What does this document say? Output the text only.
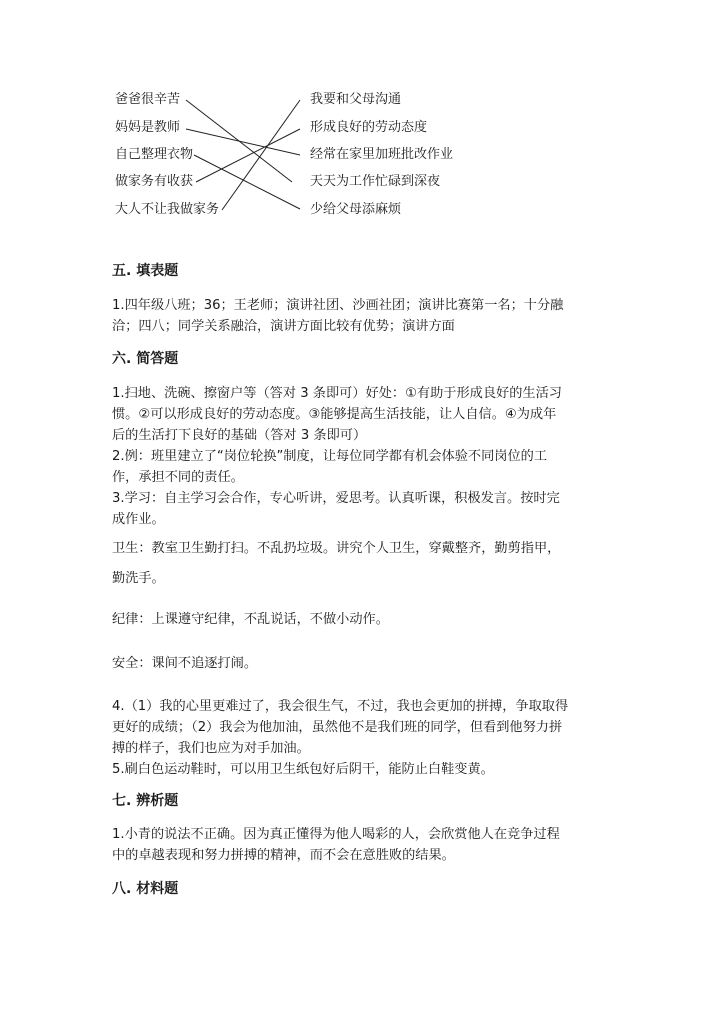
爸爸很辛苦
妈妈是教师
自己整理衣物
做家务有收获
大人不让我做家务
我要和父母沟通
形成良好的劳动态度
经常在家里加班批改作业
天天为工作忙碌到深夜
少给父母添麻烦
五. 填表题
1.四年级八班；36；王老师；演讲社团、沙画社团；演讲比赛第一名；十分融
洽；四八；同学关系融洽，演讲方面比较有优势；演讲方面
六. 简答题
1.扫地、洗碗、擦窗户等（答对 3 条即可）好处：①有助于形成良好的生活习
惯。②可以形成良好的劳动态度。③能够提高生活技能，让人自信。④为成年
后的生活打下良好的基础（答对 3 条即可）
2.例：班里建立了“岗位轮换”制度，让每位同学都有机会体验不同岗位的工
作，承担不同的责任。
3.学习：自主学习会合作，专心听讲，爱思考。认真听课，积极发言。按时完
成作业。
卫生：教室卫生勤打扫。不乱扔垃圾。讲究个人卫生，穿戴整齐，勤剪指甲，
勤洗手。
纪律：上课遵守纪律，不乱说话，不做小动作。
安全：课间不追逐打闹。
4.（1）我的心里更难过了，我会很生气，不过，我也会更加的拼搏，争取取得
更好的成绩；（2）我会为他加油，虽然他不是我们班的同学，但看到他努力拼
搏的样子，我们也应为对手加油。
5.刷白色运动鞋时，可以用卫生纸包好后阴干，能防止白鞋变黄。
七. 辨析题
1.小青的说法不正确。因为真正懂得为他人喝彩的人，会欣赏他人在竞争过程
中的卓越表现和努力拼搏的精神，而不会在意胜败的结果。
八. 材料题
